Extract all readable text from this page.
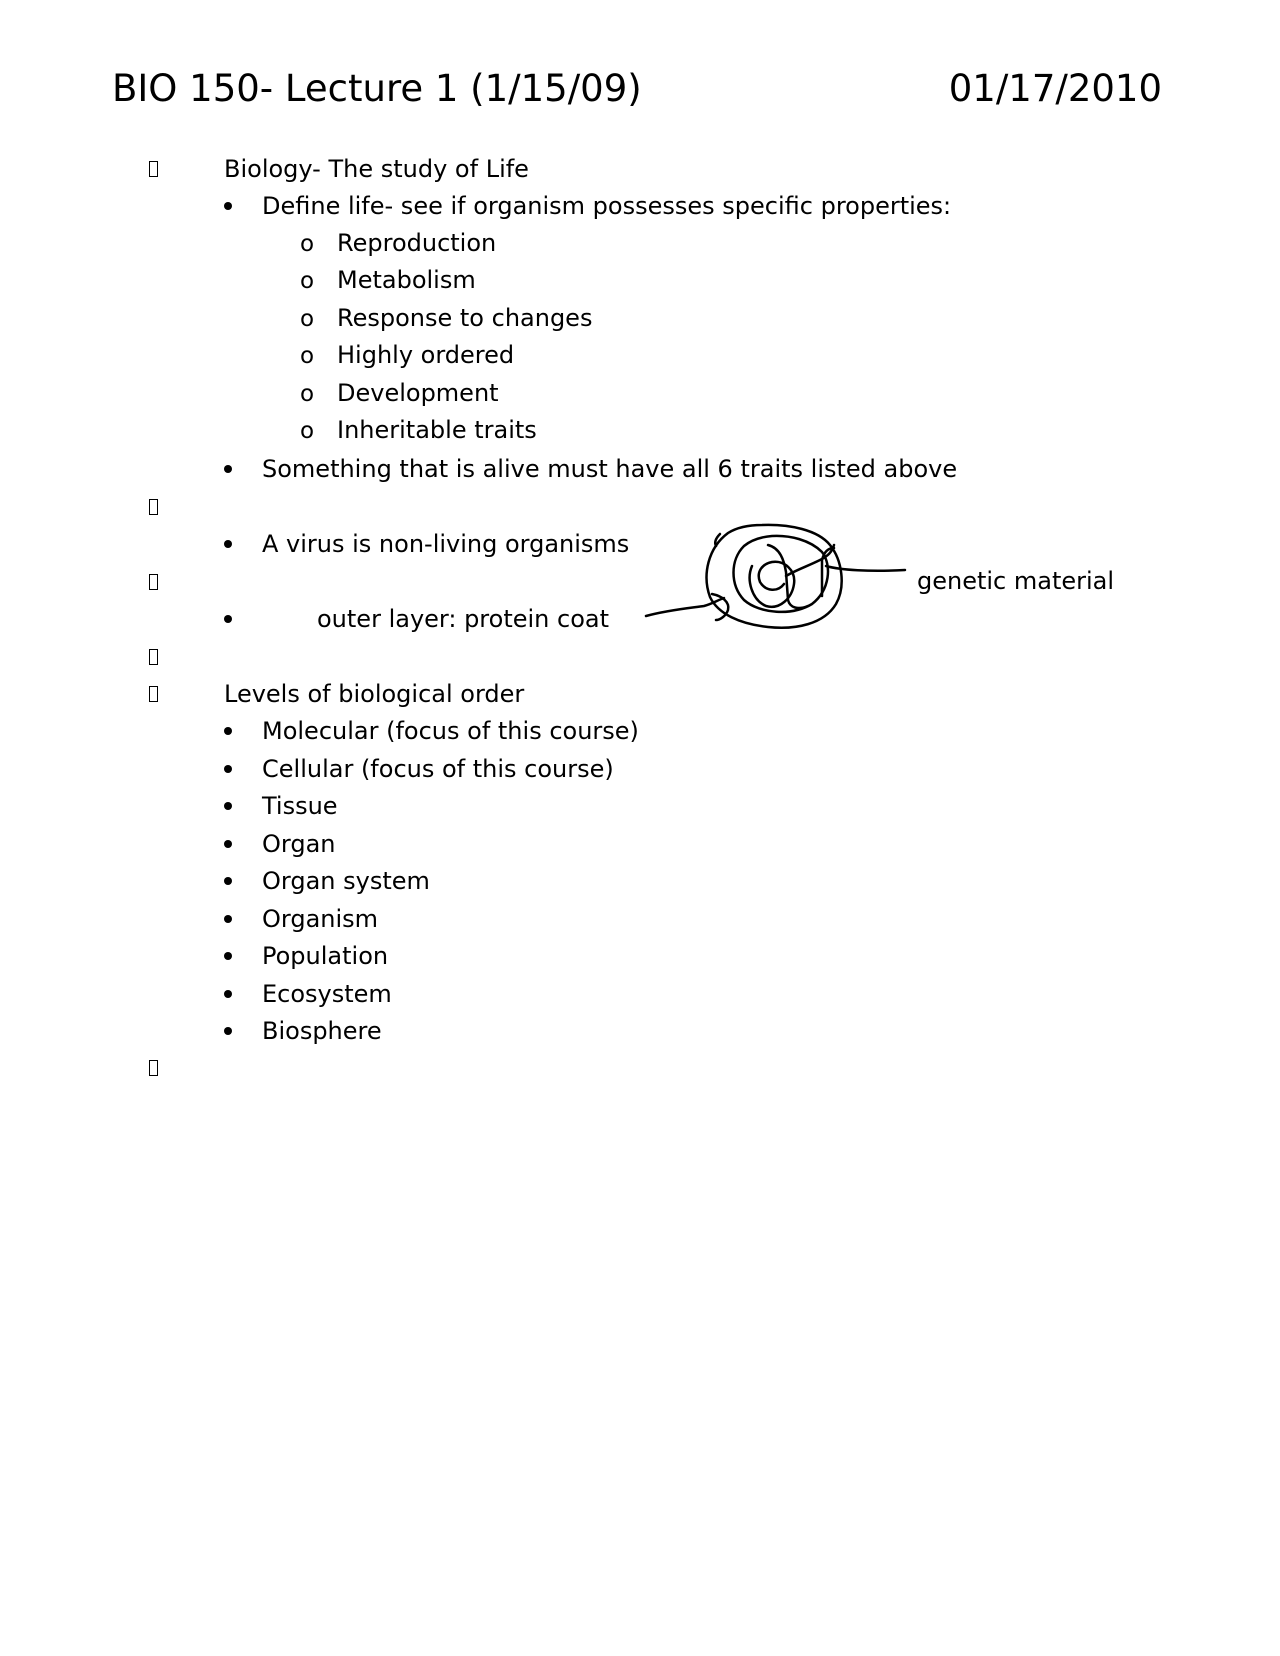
BIO 150- Lecture 1 (1/15/09)	01/17/2010
Biology- The study of Life
Define life- see if organism possesses specific properties:
o Reproduction
o Metabolism
o Response to changes
o Highly ordered
o Development
o Inheritable traits
Something that is alive must have all 6 traits listed above
A virus is non-living organisms
outer layer: protein coat
genetic material
Levels of biological order
Molecular (focus of this course)
Cellular (focus of this course)
Tissue
Organ
Organ system
Organism
Population
Ecosystem
Biosphere
